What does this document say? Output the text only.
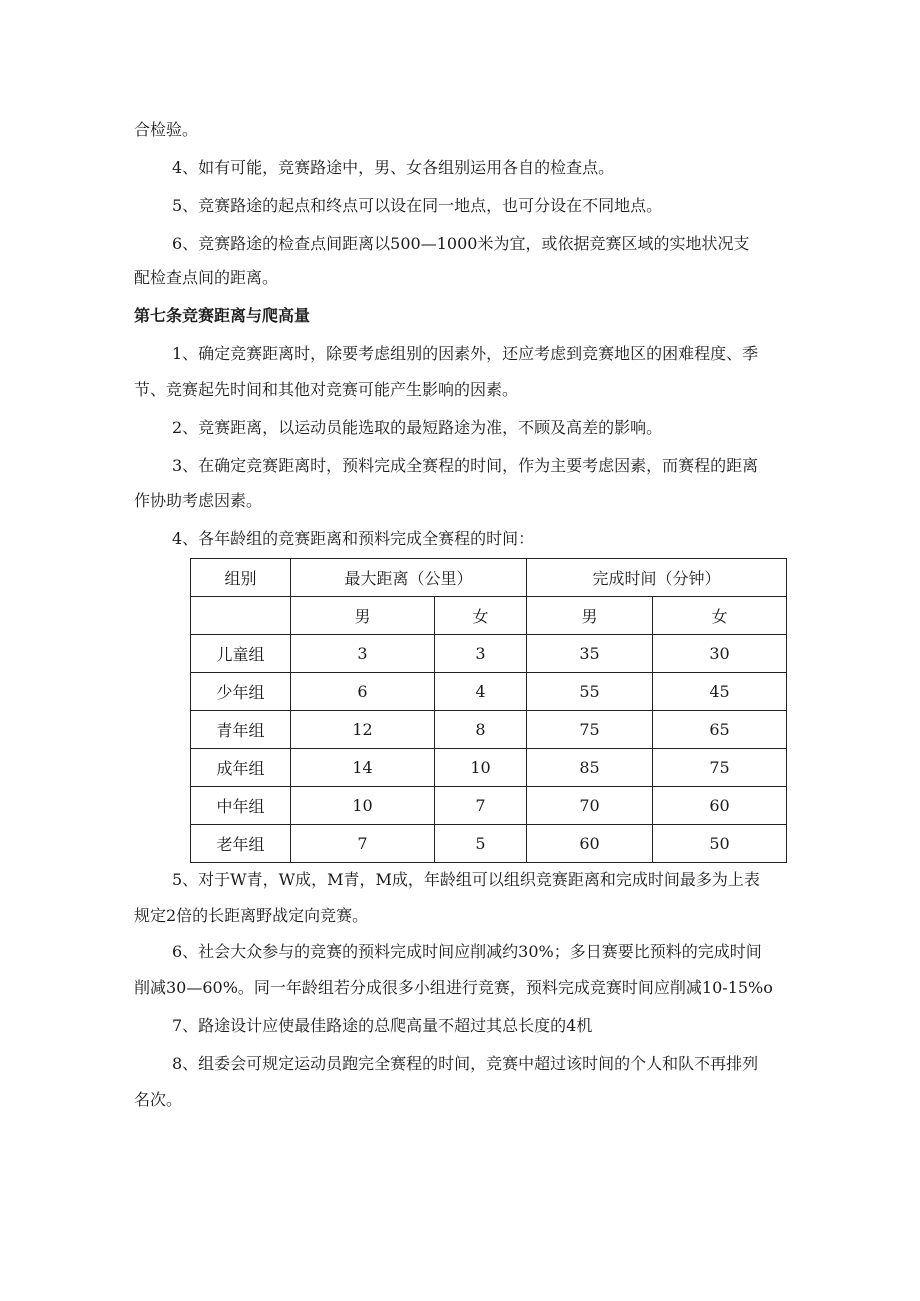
合检验。
4、如有可能，竞赛路途中，男、女各组别运用各自的检查点。
5、竞赛路途的起点和终点可以设在同一地点，也可分设在不同地点。
6、竞赛路途的检查点间距离以500—1000米为宜，或依据竞赛区域的实地状况支
配检查点间的距离。
第七条竞赛距离与爬高量
1、确定竞赛距离时，除要考虑组别的因素外，还应考虑到竞赛地区的困难程度、季
节、竞赛起先时间和其他对竞赛可能产生影响的因素。
2、竞赛距离，以运动员能选取的最短路途为准，不顾及高差的影响。
3、在确定竞赛距离时，预料完成全赛程的时间，作为主要考虑因素，而赛程的距离
作协助考虑因素。
4、各年龄组的竞赛距离和预料完成全赛程的时间：
组别	最大距离（公里）		完成时间（分钟）	
	男	女	男	女
儿童组	3	3	35	30
少年组	6	4	55	45
青年组	12	8	75	65
成年组	14	10	85	75
中年组	10	7	70	60
老年组	7	5	60	50
5、对于W青，W成，M青，M成，年龄组可以组织竞赛距离和完成时间最多为上表
规定2倍的长距离野战定向竞赛。
6、社会大众参与的竞赛的预料完成时间应削减约30%；多日赛要比预料的完成时间
削减30—60%。同一年龄组若分成很多小组进行竞赛，预料完成竞赛时间应削减10-15%o
7、路途设计应使最佳路途的总爬高量不超过其总长度的4机
8、组委会可规定运动员跑完全赛程的时间，竞赛中超过该时间的个人和队不再排列
名次。
